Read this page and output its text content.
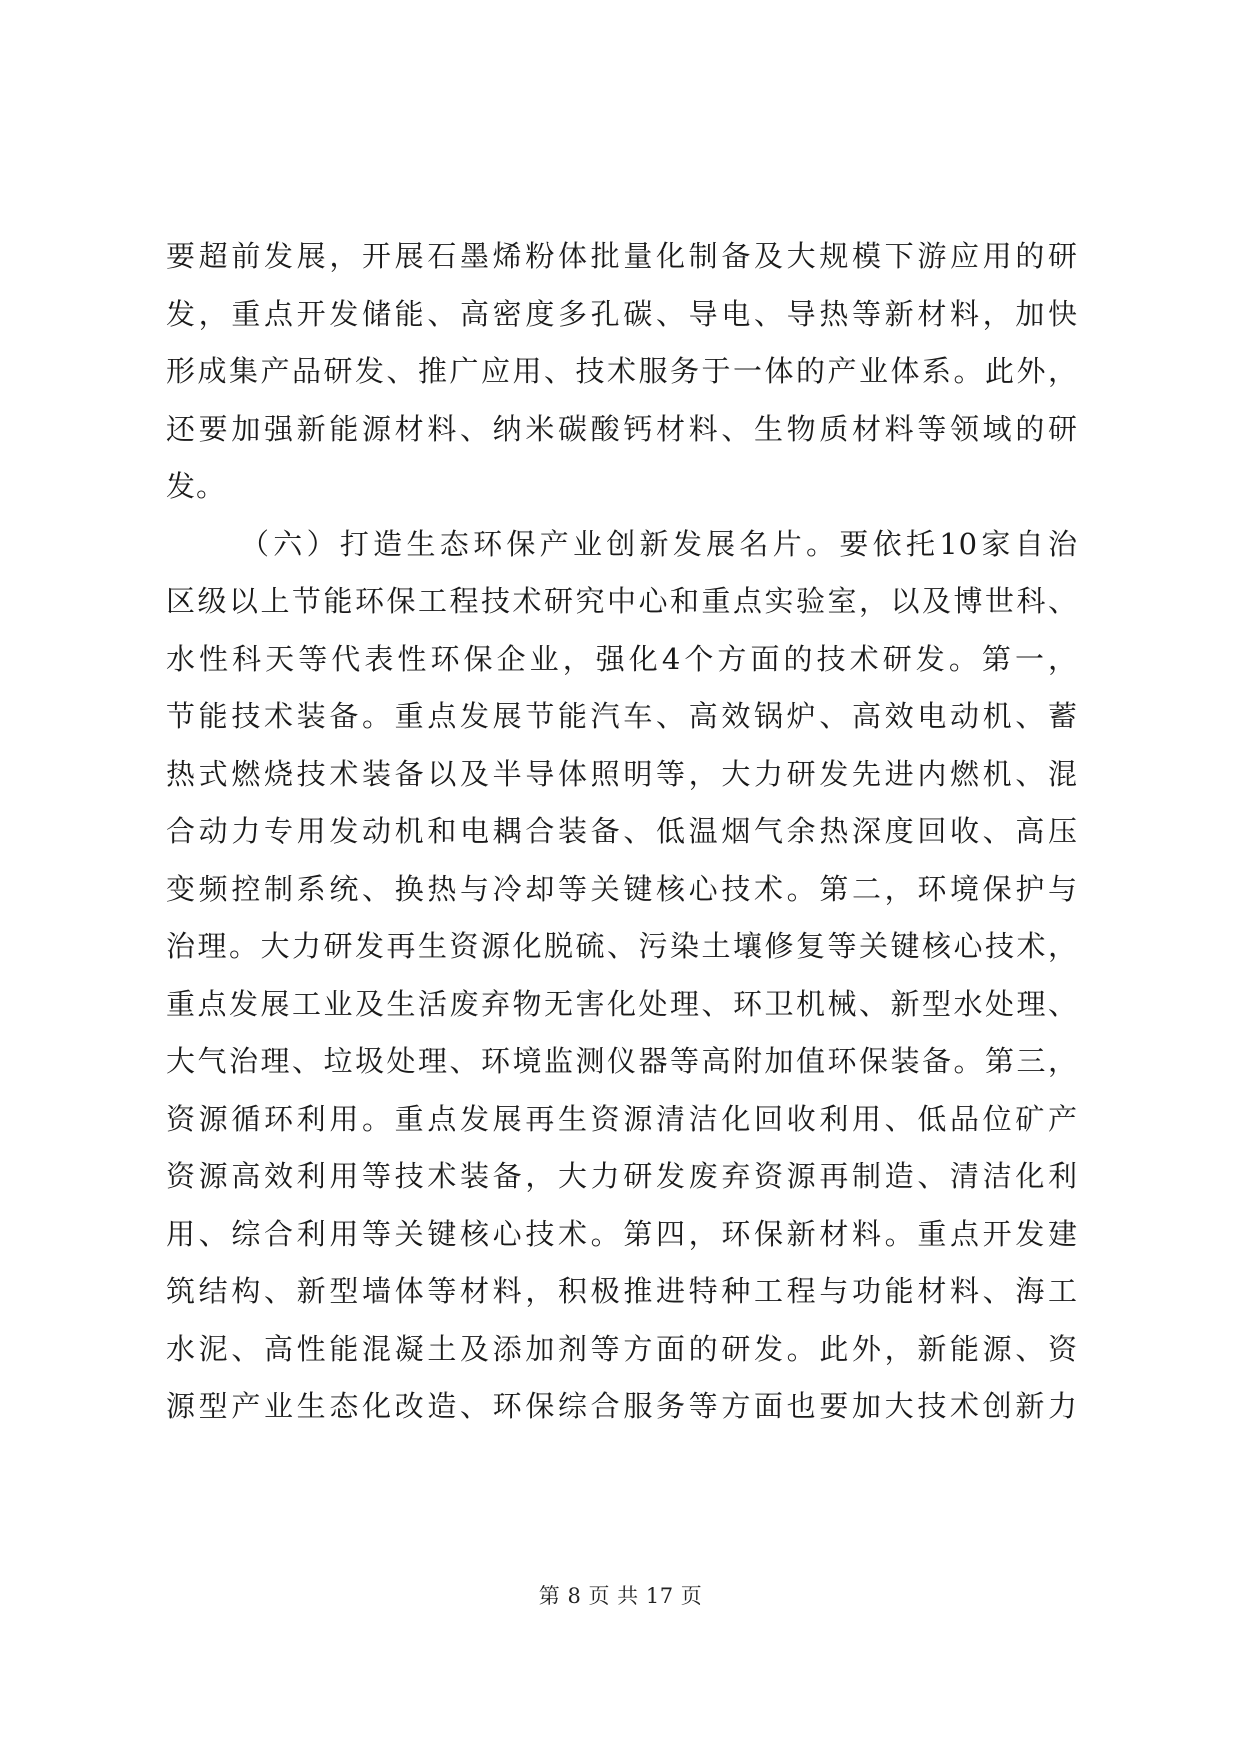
要超前发展，开展石墨烯粉体批量化制备及大规模下游应用的研
发，重点开发储能、高密度多孔碳、导电、导热等新材料，加快
形成集产品研发、推广应用、技术服务于一体的产业体系。此外，
还要加强新能源材料、纳米碳酸钙材料、生物质材料等领域的研
发。
（六）打造生态环保产业创新发展名片。要依托10家自治
区级以上节能环保工程技术研究中心和重点实验室，以及博世科、
水性科天等代表性环保企业，强化4个方面的技术研发。第一，
节能技术装备。重点发展节能汽车、高效锅炉、高效电动机、蓄
热式燃烧技术装备以及半导体照明等，大力研发先进内燃机、混
合动力专用发动机和电耦合装备、低温烟气余热深度回收、高压
变频控制系统、换热与冷却等关键核心技术。第二，环境保护与
治理。大力研发再生资源化脱硫、污染土壤修复等关键核心技术，
重点发展工业及生活废弃物无害化处理、环卫机械、新型水处理、
大气治理、垃圾处理、环境监测仪器等高附加值环保装备。第三，
资源循环利用。重点发展再生资源清洁化回收利用、低品位矿产
资源高效利用等技术装备，大力研发废弃资源再制造、清洁化利
用、综合利用等关键核心技术。第四，环保新材料。重点开发建
筑结构、新型墙体等材料，积极推进特种工程与功能材料、海工
水泥、高性能混凝土及添加剂等方面的研发。此外，新能源、资
源型产业生态化改造、环保综合服务等方面也要加大技术创新力
第 8 页 共 17 页
